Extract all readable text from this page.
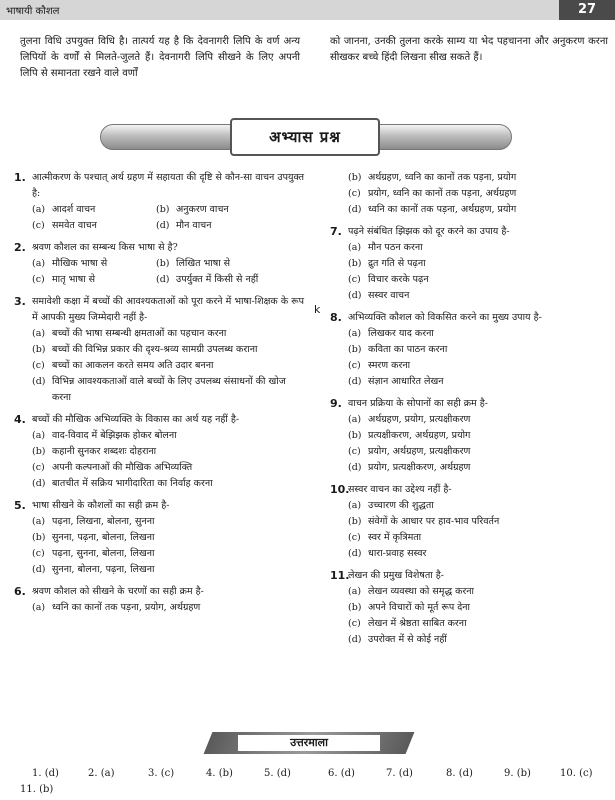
भाषायी कौशल	27

तुलना विधि उपयुक्त विधि है। तात्पर्य यह है कि देवनागरी लिपि के वर्ण अन्य लिपियों के वर्णों से मिलते-जुलते हैं। देवनागरी लिपि सीखने के लिए अपनी लिपि से समानता रखने वाले वर्णों

को जानना, उनकी तुलना करके साम्य या भेद पहचानना और अनुकरण करना सीखकर बच्चे हिंदी लिखना सीख सकते हैं।

अभ्यास प्रश्न
1. आत्मीकरण के पश्चात् अर्थ ग्रहण में सहायता की दृष्टि से कौन-सा वाचन उपयुक्त है:
(a) आदर्श वाचन	(b) अनुकरण वाचन
(c) समवेत वाचन	(d) मौन वाचन
2. श्रवण कौशल का सम्बन्ध किस भाषा से है?
(a) मौखिक भाषा से	(b) लिखित भाषा से
(c) मातृ भाषा से	(d) उपर्युक्त में किसी से नहीं
3. समावेशी कक्षा में बच्चों की आवश्यकताओं को पूरा करने में भाषा-शिक्षक के रूप में आपकी मुख्य जिम्मेदारी नहीं है-
(a) बच्चों की भाषा सम्बन्धी क्षमताओं का पहचान करना
(b) बच्चों की विभिन्न प्रकार की दृश्य-श्रव्य सामग्री उपलब्ध कराना
(c) बच्चों का आकलन करते समय अति उदार बनना
(d) विभिन्न आवश्यकताओं वाले बच्चों के लिए उपलब्ध संसाधनों की खोज करना
4. बच्चों की मौखिक अभिव्यक्ति के विकास का अर्थ यह नहीं है-
(a) वाद-विवाद में बेझिझक होकर बोलना
(b) कहानी सुनकर शब्दशः दोहराना
(c) अपनी कल्पनाओं की मौखिक अभिव्यक्ति
(d) बातचीत में सक्रिय भागीदारिता का निर्वाह करना
5. भाषा सीखने के कौशलों का सही क्रम है-
(a) पढ़ना, लिखना, बोलना, सुनना
(b) सुनना, पढ़ना, बोलना, लिखना
(c) पढ़ना, सुनना, बोलना, लिखना
(d) सुनना, बोलना, पढ़ना, लिखना
6. श्रवण कौशल को सीखने के चरणों का सही क्रम है-
(a) ध्वनि का कानों तक पड़ना, प्रयोग, अर्थग्रहण
k
(b) अर्थग्रहण, ध्वनि का कानों तक पड़ना, प्रयोग
(c) प्रयोग, ध्वनि का कानों तक पड़ना, अर्थग्रहण
(d) ध्वनि का कानों तक पड़ना, अर्थग्रहण, प्रयोग
7. पढ़ने संबंधित झिझक को दूर करने का उपाय है-
(a) मौन पठन करना
(b) द्रुत गति से पढ़ना
(c) विचार करके पढ़न
(d) सस्वर वाचन
8. अभिव्यक्ति कौशल को विकसित करने का मुख्य उपाय है-
(a) लिखकर याद करना
(b) कविता का पाठन करना
(c) स्मरण करना
(d) संज्ञान आधारित लेखन
9. वाचन प्रक्रिया के सोपानों का सही क्रम है-
(a) अर्थग्रहण, प्रयोग, प्रत्यक्षीकरण
(b) प्रत्यक्षीकरण, अर्थग्रहण, प्रयोग
(c) प्रयोग, अर्थग्रहण, प्रत्यक्षीकरण
(d) प्रयोग, प्रत्यक्षीकरण, अर्थग्रहण
10.
सस्वर वाचन का उद्देश्य नहीं है-
(a) उच्चारण की शुद्धता
(b) संवेगों के आधार पर हाव-भाव परिवर्तन
(c) स्वर में कृत्रिमता
(d) धारा-प्रवाह सस्वर
11.
लेखन की प्रमुख विशेषता है-
(a) लेखन व्यवस्था को समृद्ध करना
(b) अपने विचारों को मूर्त रूप देना
(c) लेखन में श्रेष्ठता साबित करना
(d) उपरोक्त में से कोई नहीं
उत्तरमाला
1. (d)	2. (a)	3. (c)	4. (b)	5. (d)	6. (d)	7. (d)	8. (d)	9. (b)	10. (c)
11. (b)
